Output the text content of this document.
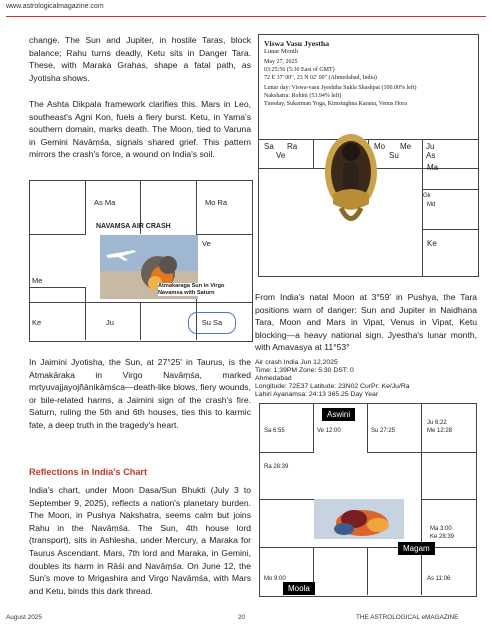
www.astrologicalmagazine.com
change. The Sun and Jupiter, in hostile Taras, block balance; Rahu turns deadly, Ketu sits in Danger Tara. These, with Maraka Grahas, shape a fatal path, as Jyotisha shows.
The Ashta Dikpala framework clarifies this. Mars in Leo, southeast's Agni Kon, fuels a fiery burst. Ketu, in Yama's southern domain, marks death. The Moon, tied to Varuna in Gemini Navāṃśa, signals shared grief. This pattern mirrors the crash's force, a wound on India's soil.
As Ma	Mo Ra
Ve
Me
Ke	Ju	Su Sa
NAVAMSA AIR CRASH
Atmakaraga Sun in Virgo
Navamsa with Saturn
Viswa Vasu Jyestha
Lunar Month
May 27, 2025
03:25:56 (5:30 East of GMT)
72 E 37' 00", 23 N 02' 00" (Ahmedabad, India)
Lunar day: Viswa-vasu Jyeshtha Sukla Shashpat (100.00% left)
Nakshatra: Rohini (53.94% left)
Tuesday, Sukarman Yoga, Kimstughna Karana, Venus Hora
Sa Ra
Ve
Mo Me
Su
Ju
As
Ma
Gk
Md
Ke
From India's natal Moon at 3°59' in Pushya, the Tara positions warn of danger: Sun and Jupiter in Naidhana Tara, Moon and Mars in Vipat, Venus in Vipat, Ketu blocking—a heavy national sign. Jyestha's lunar month, with Amavasya at 11°53°
In Jaimini Jyotisha, the Sun, at 27°25' in Taurus, is the Atmakāraka in Virgo Navāṃśa, marked mṛtyuvajjayojñānikāṃśca—death-like blows, fiery wounds, or bile-related harms, a Jaimini sign of the crash's fire. Saturn, ruling the 5th and 6th houses, ties this to karmic fate, a deep truth in the tragedy's heart.
Reflections in India's Chart
India's chart, under Moon Dasa/Sun Bhukti (July 3 to September 9, 2025), reflects a nation's planetary burden. The Moon, in Pushya Nakshatra, seems calm but joins Rahu in the Navāṃśa. The Sun, 4th house lord (transport), sits in Ashlesha, under Mercury, a Maraka for Taurus Ascendant. Mars, 7th lord and Maraka, in Gemini, doubles its harm in Rāśi and Navāṃśa. On June 12, the Sun's move to Mrigashira and Virgo Navāṃśa, with Mars and Ketu, binds this dark thread.
Air crash India Jun 12,2025
Time: 1:39PM Zone: 5:30 DST: 0
Ahmedabad
Longitude: 72E37 Latitude: 23N02 CurPr: Ke/Ju/Ra
Lahiri Ayanamsa: 24:13 365.25 Day Year
Sa 6:55	Ve 12:00	Su 27:25
Ju 6:22
Me 12:28
Ra 28:39
Ma 3:00
Ke 28:39
Mo 9:00	As 11:06
Aswini
Magam
Moola
August 2025	20	THE ASTROLOGICAL eMAGAZINE
